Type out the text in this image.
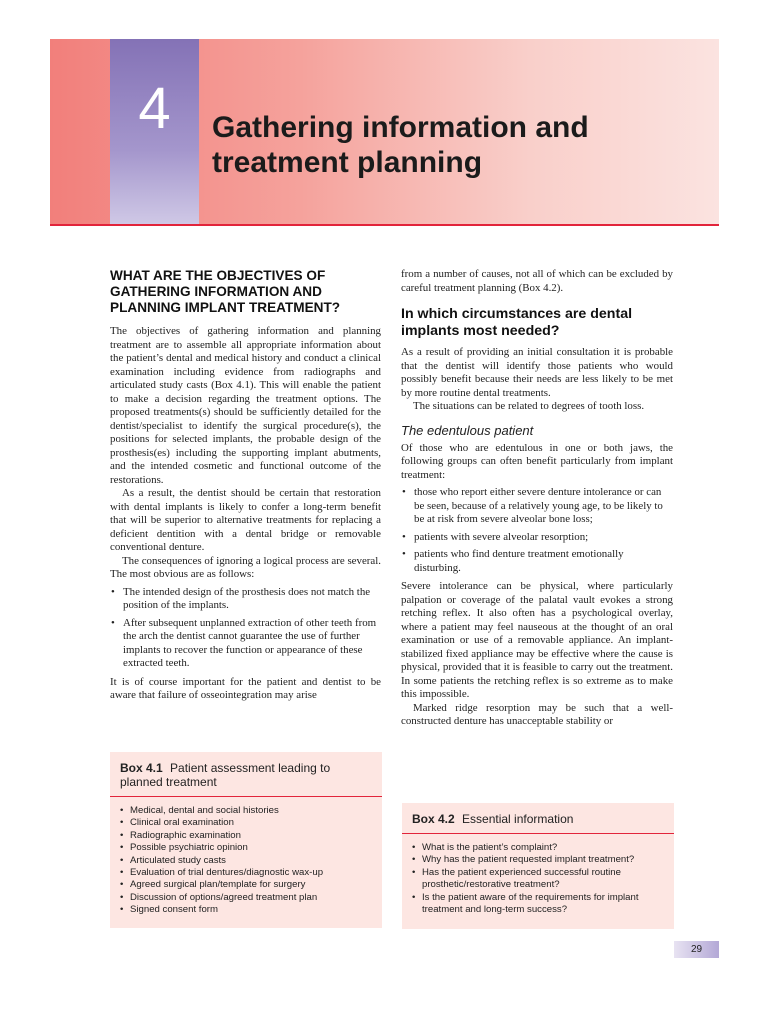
4	Gathering information and
treatment planning
WHAT ARE THE OBJECTIVES OF
GATHERING INFORMATION AND
PLANNING IMPLANT TREATMENT?

The objectives of gathering information and planning treatment are to assemble all appropriate information about the patient’s dental and medical history and conduct a clinical examination including evidence from radiographs and articulated study casts (Box 4.1). This will enable the patient to make a decision regarding the treatment options. The proposed treatments(s) should be sufficiently detailed for the dentist/specialist to identify the surgical procedure(s), the positions for selected implants, the probable design of the prosthesis(es) including the supporting implant abutments, and the intended cosmetic and functional outcome of the restorations.

As a result, the dentist should be certain that restoration with dental implants is likely to confer a long-term benefit that will be superior to alternative treatments for replacing a deficient dentition with a dental bridge or removable conventional denture.

The consequences of ignoring a logical process are several. The most obvious are as follows:

• The intended design of the prosthesis does not match the position of the implants.
• After subsequent unplanned extraction of other teeth from the arch the dentist cannot guarantee the use of further implants to recover the function or appearance of these extracted teeth.

It is of course important for the patient and dentist to be aware that failure of osseointegration may arise

from a number of causes, not all of which can be excluded by careful treatment planning (Box 4.2).

In which circumstances are dental implants most needed?

As a result of providing an initial consultation it is probable that the dentist will identify those patients who would possibly benefit because their needs are less likely to be met by more routine dental treatments.

The situations can be related to degrees of tooth loss.

The edentulous patient

Of those who are edentulous in one or both jaws, the following groups can often benefit particularly from implant treatment:

• those who report either severe denture intolerance or can be seen, because of a relatively young age, to be likely to be at risk from severe alveolar bone loss;
• patients with severe alveolar resorption;
• patients who find denture treatment emotionally disturbing.

Severe intolerance can be physical, where particularly palpation or coverage of the palatal vault evokes a strong retching reflex. It also often has a psychological overlay, where a patient may feel nauseous at the thought of an oral examination or use of a removable appliance. An implant-stabilized fixed appliance may be effective where the cause is physical, provided that it is feasible to carry out the treatment. In some patients the retching reflex is so extreme as to make this impossible.

Marked ridge resorption may be such that a well-constructed denture has unacceptable stability or

Box 4.1 Patient assessment leading to planned treatment
• Medical, dental and social histories
• Clinical oral examination
• Radiographic examination
• Possible psychiatric opinion
• Articulated study casts
• Evaluation of trial dentures/diagnostic wax-up
• Agreed surgical plan/template for surgery
• Discussion of options/agreed treatment plan
• Signed consent form
Box 4.2 Essential information
• What is the patient’s complaint?
• Why has the patient requested implant treatment?
• Has the patient experienced successful routine prosthetic/restorative treatment?
• Is the patient aware of the requirements for implant treatment and long-term success?
29
